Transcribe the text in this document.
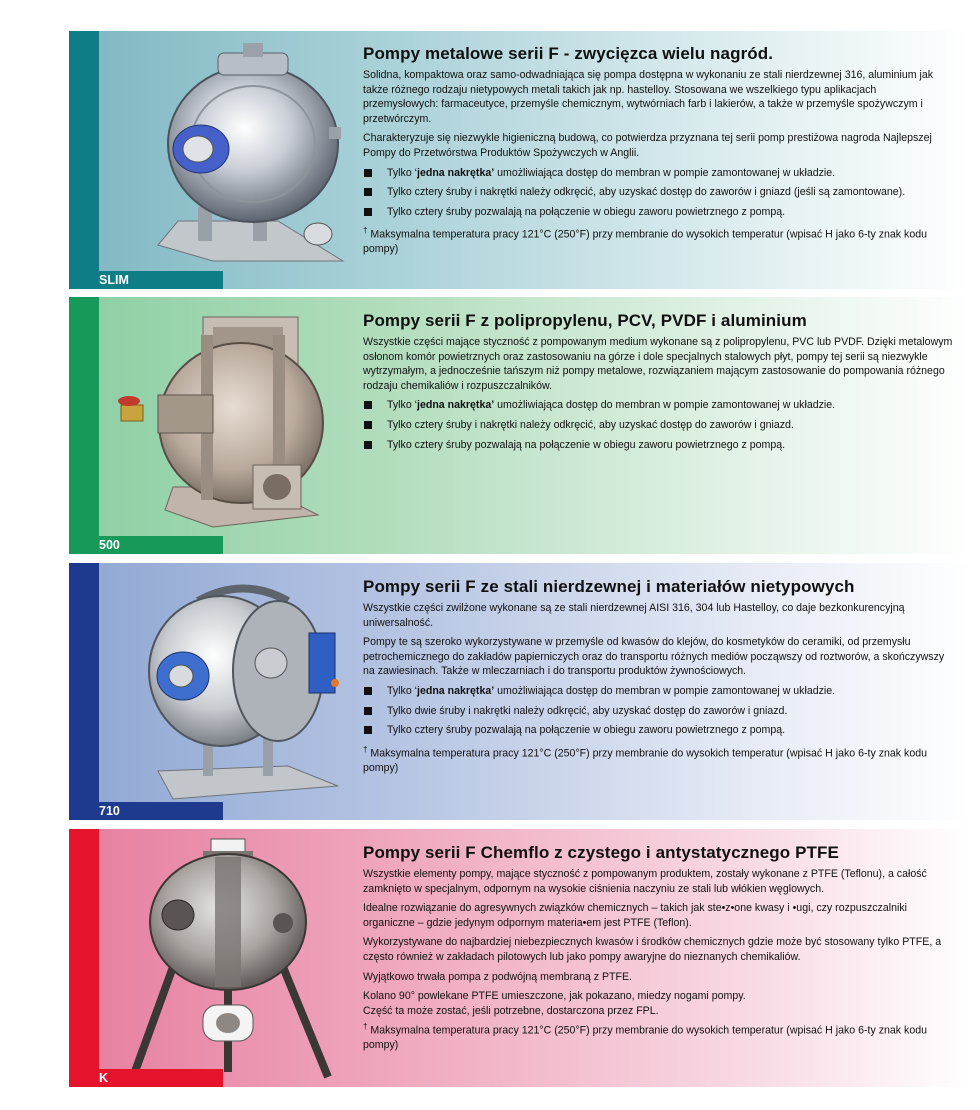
SLIM
Pompy metalowe serii F - zwycięzca wielu nagród.

Solidna, kompaktowa oraz samo-odwadniająca się pompa dostępna w wykonaniu ze stali nierdzewnej 316, aluminium jak także różnego rodzaju nietypowych metali takich jak np. hastelloy. Stosowana we wszelkiego typu aplikacjach przemysłowych: farmaceutyce, przemyśle chemicznym, wytwórniach farb i lakierów, a także w przemyśle spożywczym i przetwórczym.

Charakteryzuje się niezwykle higieniczną budową, co potwierdza przyznana tej serii pomp prestiżowa nagroda Najlepszej Pompy do Przetwórstwa Produktów Spożywczych w Anglii.

Tylko ‘jedna nakrętka’ umożliwiająca dostęp do membran w pompie zamontowanej w układzie.
Tylko cztery śruby i nakrętki należy odkręcić, aby uzyskać dostęp do zaworów i gniazd (jeśli są zamontowane).
Tylko cztery śruby pozwalają na połączenie w obiegu zaworu powietrznego z pompą.

† Maksymalna temperatura pracy 121°C (250°F) przy membranie do wysokich temperatur (wpisać H jako 6-ty znak kodu pompy)

500
Pompy serii F z polipropylenu, PCV, PVDF i aluminium

Wszystkie części mające styczność z pompowanym medium wykonane są z polipropylenu, PVC lub PVDF. Dzięki metalowym osłonom komór powietrznych oraz zastosowaniu na górze i dole specjalnych stalowych płyt, pompy tej serii są niezwykle wytrzymałym, a jednocześnie tańszym niż pompy metalowe, rozwiązaniem mającym zastosowanie do pompowania różnego rodzaju chemikaliów i rozpuszczalników.

Tylko ‘jedna nakrętka’ umożliwiająca dostęp do membran w pompie zamontowanej w układzie.
Tylko cztery śruby i nakrętki należy odkręcić, aby uzyskać dostęp do zaworów i gniazd.
Tylko cztery śruby pozwalają na połączenie w obiegu zaworu powietrznego z pompą.
710
Pompy serii F ze stali nierdzewnej i materiałów nietypowych

Wszystkie części zwilżone wykonane są ze stali nierdzewnej AISI 316, 304 lub Hastelloy, co daje bezkonkurencyjną uniwersalność.

Pompy te są szeroko wykorzystywane w przemyśle od kwasów do klejów, do kosmetyków do ceramiki, od przemysłu petrochemicznego do zakładów papierniczych oraz do transportu różnych mediów począwszy od roztworów, a skończywszy na zawiesinach. Także w mleczarniach i do transportu produktów żywnościowych.

Tylko ‘jedna nakrętka’ umożliwiająca dostęp do membran w pompie zamontowanej w układzie.
Tylko dwie śruby i nakrętki należy odkręcić, aby uzyskać dostęp do zaworów i gniazd.
Tylko cztery śruby pozwalają na połączenie w obiegu zaworu powietrznego z pompą.

† Maksymalna temperatura pracy 121°C (250°F) przy membranie do wysokich temperatur (wpisać H jako 6-ty znak kodu pompy)

K
Pompy serii F Chemflo z czystego i antystatycznego PTFE

Wszystkie elementy pompy, mające styczność z pompowanym produktem, zostały wykonane z PTFE (Teflonu), a całość zamknięto w specjalnym, odpornym na wysokie ciśnienia naczyniu ze stali lub włókien węglowych.

Idealne rozwiązanie do agresywnych związków chemicznych – takich jak ste•z•one kwasy i •ugi, czy rozpuszczalniki organiczne – gdzie jedynym odpornym materia•em jest PTFE (Teflon).

Wykorzystywane do najbardziej niebezpiecznych kwasów i środków chemicznych gdzie może być stosowany tylko PTFE, a często również w zakładach pilotowych lub jako pompy awaryjne do nieznanych chemikaliów.

Wyjątkowo trwała pompa z podwójną membraną z PTFE.

Kolano 90° powlekane PTFE umieszczone, jak pokazano, miedzy nogami pompy.
Część ta może zostać, jeśli potrzebne, dostarczona przez FPL.

† Maksymalna temperatura pracy 121°C (250°F) przy membranie do wysokich temperatur (wpisać H jako 6-ty znak kodu pompy)
